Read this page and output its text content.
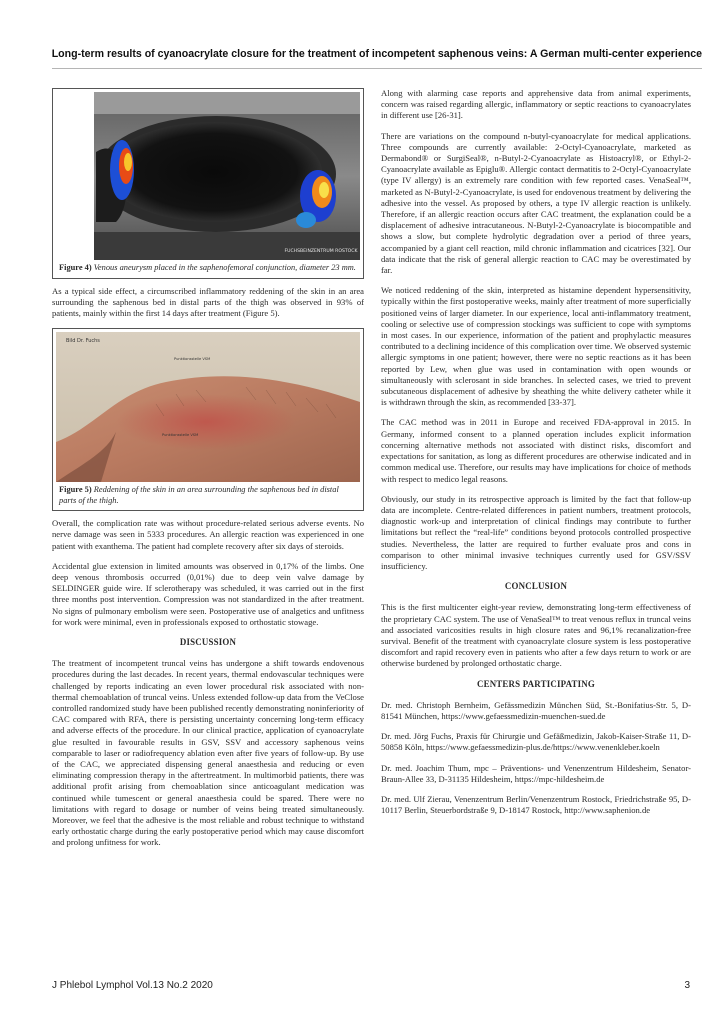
Long-term results of cyanoacrylate closure for the treatment of incompetent saphenous veins: A German multi-center experience
FUCHSBEINZENTRUM ROSTOCK
Figure 4) Venous aneurysm placed in the saphenofemoral conjunction, diameter 23 mm.

As a typical side effect, a circumscribed inflammatory reddening of the skin in an area surrounding the saphenous bed in distal parts of the thigh was observed in 93% of patients, mainly within the first 14 days after treatment (Figure 5).

Bild Dr. Fuchs
Punktionsstelle VSM
Punktionsstelle VSM
Figure 5) Reddening of the skin in an area surrounding the saphenous bed in distal parts of the thigh.

Overall, the complication rate was without procedure-related serious adverse events. No nerve damage was seen in 5333 procedures. An allergic reaction was experienced in one patient with exanthema. The patient had complete recovery after six days of steroids.

Accidental glue extension in limited amounts was observed in 0,17% of the limbs. One deep venous thrombosis occurred (0,01%) due to deep vein valve damage by SELDINGER guide wire. If sclerotherapy was scheduled, it was carried out in the first three months post intervention. Compression was not standardized in the after treatment. No signs of pulmonary embolism were seen. Postoperative use of analgetics and unfitness for work were minimal, even in professionals exposed to orthostatic stowage.

DISCUSSION

The treatment of incompetent truncal veins has undergone a shift towards endovenous procedures during the last decades. In recent years, thermal endovascular techniques were challenged by reports indicating an even lower procedural risk associated with non-thermal chemoablation of truncal veins. Unless extended follow-up data from the VeClose controlled randomized study have been published recently demonstrating noninferiority of CAC compared with RFA, there is persisting uncertainty concerning long-term efficacy and adverse effects of the procedure. In our clinical practice, application of cyanoacrylate glue resulted in favourable results in GSV, SSV and accessory saphenous veins comparable to laser or radiofrequency ablation even after five years of follow-up. By use of the CAC, we appreciated dispensing general anaesthesia and reducing or even eliminating compression therapy in the aftertreatment. In multimorbid patients, there was additional profit arising from chemoablation since anticoagulant medication was continued while tumescent or general anaesthesia could be spared. There were no limitations with regard to dosage or number of veins being treated simultaneously. Moreover, we feel that the adhesive is the most reliable and robust technique to withstand early orthostatic charge during the early postoperative period which may cause discomfort and prolong unfitness for work.

Along with alarming case reports and apprehensive data from animal experiments, concern was raised regarding allergic, inflammatory or septic reactions to cyanoacrylates in different use [26-31].

There are variations on the compound n-butyl-cyanoacrylate for medical applications. Three compounds are currently available: 2-Octyl-Cyanoacrylate, marketed as Dermabond® or SurgiSeal®, n-Butyl-2-Cyanoacrylate as Histoacryl®, or Ethyl-2-Cyanoacrylate available as Epiglu®. Allergic contact dermatitis to 2-Octyl-Cyanoacrylate (type IV allergy) is an extremely rare condition with few reported cases. VenaSeal™, marketed as N-Butyl-2-Cyanoacrylate, is used for endovenous treatment by delivering the adhesive into the vessel. As proposed by others, a type IV allergic reaction is unlikely. Therefore, if an allergic reaction occurs after CAC treatment, the explanation could be a displacement of adhesive intracutaneous. N-Butyl-2-Cyanoacrylate is biocompatible and shows a slow, but complete hydrolytic degradation over a period of three years, accompanied by a giant cell reaction, mild chronic inflammation and cicatrices [32]. Our data indicate that the risk of general allergic reaction to CAC may be overestimated by far.

We noticed reddening of the skin, interpreted as histamine dependent hypersensitivity, typically within the first postoperative weeks, mainly after treatment of more superficially positioned veins of larger diameter. In our experience, local anti-inflammatory treatment, cooling or selective use of compression stockings was sufficient to cope with symptoms in most cases. In our experience, information of the patient and prophylactic measures contributed to a declining incidence of this complication over time. We observed systemic allergic symptoms in one patient; however, there were no septic reactions as it has been reported by Lew, when glue was used in contamination with open wounds or simultaneously with sclerosant in side branches. In selected cases, we tried to prevent subcutaneous displacement of adhesive by sheathing the white delivery catheter while it is withdrawn through the skin, as recommended [33-37].

The CAC method was in 2011 in Europe and received FDA-approval in 2015. In Germany, informed consent to a planned operation includes explicit information concerning alternative methods not associated with distinct risks, discomfort and expectations for sanitation, as long as different procedures are otherwise indicated and in common medical use. Therefore, our results may have implications for choice of methods with respect to medico legal reasons.

Obviously, our study in its retrospective approach is limited by the fact that follow-up data are incomplete. Centre-related differences in patient numbers, treatment protocols, diagnostic work-up and interpretation of clinical findings may contribute to further limitations but reflect the “real-life” conditions beyond protocols controlled prospective studies. Nevertheless, the latter are required to further evaluate pros and cons in comparison to other minimal invasive techniques currently used for GSV/SSV insufficiency.

CONCLUSION

This is the first multicenter eight-year review, demonstrating long-term effectiveness of the proprietary CAC system. The use of VenaSeal™ to treat venous reflux in truncal veins and associated varicosities results in high closure rates and 96,1% recanalization-free survival. Benefit of the treatment with cyanoacrylate closure system is less postoperative discomfort and rapid recovery even in patients who after a few days return to work or are otherwise burdened by prolonged orthostatic charge.

CENTERS PARTICIPATING

Dr. med. Christoph Bernheim, Gefässmedizin München Süd, St.-Bonifatius-Str. 5, D-81541 München, https://www.gefaessmedizin-muenchen-sued.de

Dr. med. Jörg Fuchs, Praxis für Chirurgie und Gefäßmedizin, Jakob-Kaiser-Straße 11, D-50858 Köln, https://www.gefaessmedizin-plus.de/https://www.venenkleber.koeln

Dr. med. Joachim Thum, mpc – Präventions- und Venenzentrum Hildesheim, Senator-Braun-Allee 33, D-31135 Hildesheim, https://mpc-hildesheim.de

Dr. med. Ulf Zierau, Venenzentrum Berlin/Venenzentrum Rostock, Friedrichstraße 95, D-10117 Berlin, Steuerbordstraße 9, D-18147 Rostock, http://www.saphenion.de

J Phlebol Lymphol Vol.13 No.2 2020	3
